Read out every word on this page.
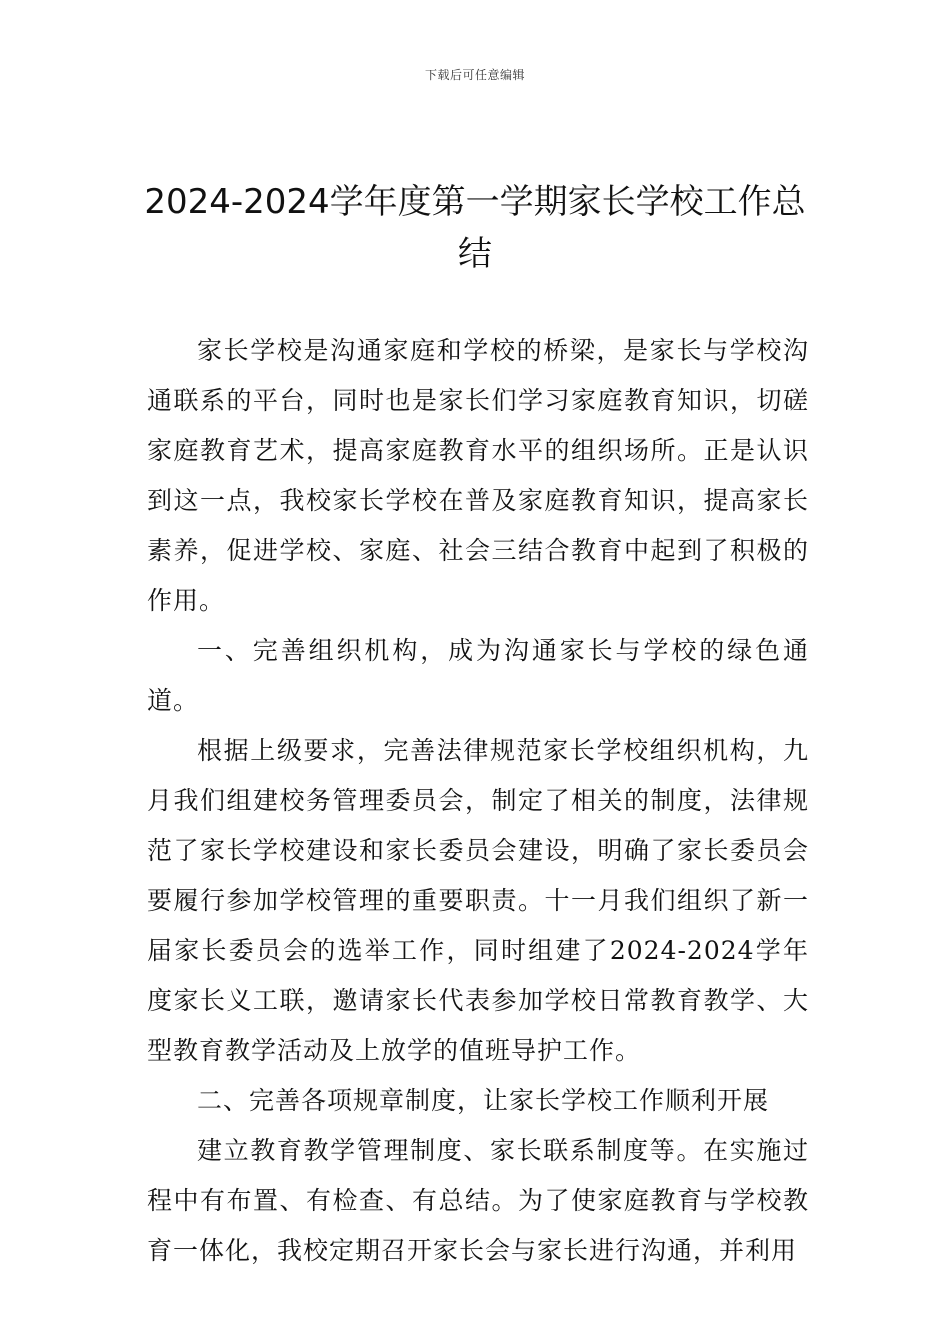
下载后可任意编辑
2024-2024学年度第一学期家长学校工作总结

家长学校是沟通家庭和学校的桥梁，是家长与学校沟通联系的平台，同时也是家长们学习家庭教育知识，切磋家庭教育艺术，提高家庭教育水平的组织场所。正是认识到这一点，我校家长学校在普及家庭教育知识，提高家长素养，促进学校、家庭、社会三结合教育中起到了积极的作用。

一、完善组织机构，成为沟通家长与学校的绿色通道。

根据上级要求，完善法律规范家长学校组织机构，九月我们组建校务管理委员会，制定了相关的制度，法律规范了家长学校建设和家长委员会建设，明确了家长委员会要履行参加学校管理的重要职责。十一月我们组织了新一届家长委员会的选举工作，同时组建了2024-2024学年度家长义工联，邀请家长代表参加学校日常教育教学、大型教育教学活动及上放学的值班导护工作。

二、完善各项规章制度，让家长学校工作顺利开展

建立教育教学管理制度、家长联系制度等。在实施过程中有布置、有检查、有总结。为了使家庭教育与学校教育一体化，我校定期召开家长会与家长进行沟通，并利用
